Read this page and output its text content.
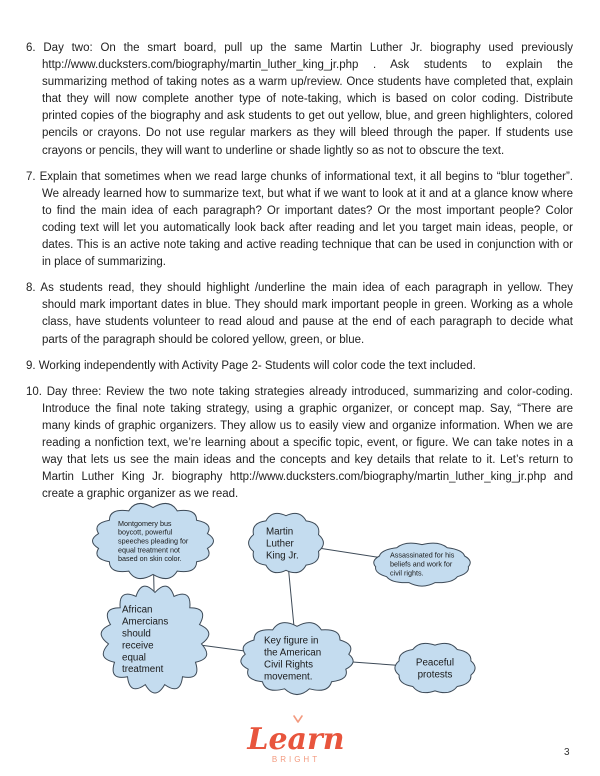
6. Day two: On the smart board, pull up the same Martin Luther Jr. biography used previously http://www.ducksters.com/biography/martin_luther_king_jr.php . Ask students to explain the summarizing method of taking notes as a warm up/review. Once students have completed that, explain that they will now complete another type of note-taking, which is based on color coding. Distribute printed copies of the biography and ask students to get out yellow, blue, and green highlighters, colored pencils or crayons. Do not use regular markers as they will bleed through the paper. If students use crayons or pencils, they will want to underline or shade lightly so as not to obscure the text.

7. Explain that sometimes when we read large chunks of informational text, it all begins to “blur together”. We already learned how to summarize text, but what if we want to look at it and at a glance know where to find the main idea of each paragraph? Or important dates? Or the most important people? Color coding text will let you automatically look back after reading and let you target main ideas, people, or dates. This is an active note taking and active reading technique that can be used in conjunction with or in place of summarizing.

8. As students read, they should highlight /underline the main idea of each paragraph in yellow. They should mark important dates in blue. They should mark important people in green. Working as a whole class, have students volunteer to read aloud and pause at the end of each paragraph to decide what parts of the paragraph should be colored yellow, green, or blue.

9. Working independently with Activity Page 2- Students will color code the text included.

10. Day three: Review the two note taking strategies already introduced, summarizing and color-coding. Introduce the final note taking strategy, using a graphic organizer, or concept map. Say, “There are many kinds of graphic organizers. They allow us to easily view and organize information. When we are reading a nonfiction text, we’re learning about a specific topic, event, or figure. We can take notes in a way that lets us see the main ideas and the concepts and key details that relate to it. Let’s return to Martin Luther King Jr. biography http://www.ducksters.com/biography/martin_luther_king_jr.php and create a graphic organizer as we read.

Montgomery bus
boycott, powerful
speeches pleading for
equal treatment not
based on skin color.
Martin
Luther
King Jr.	Assassinated for his
beliefs and work for
civil rights.
African
Amercians
should
receive
equal
treatment
Key figure in
the American
Civil Rights
movement.
Peaceful
protests
Learn
BRIGHT
3
